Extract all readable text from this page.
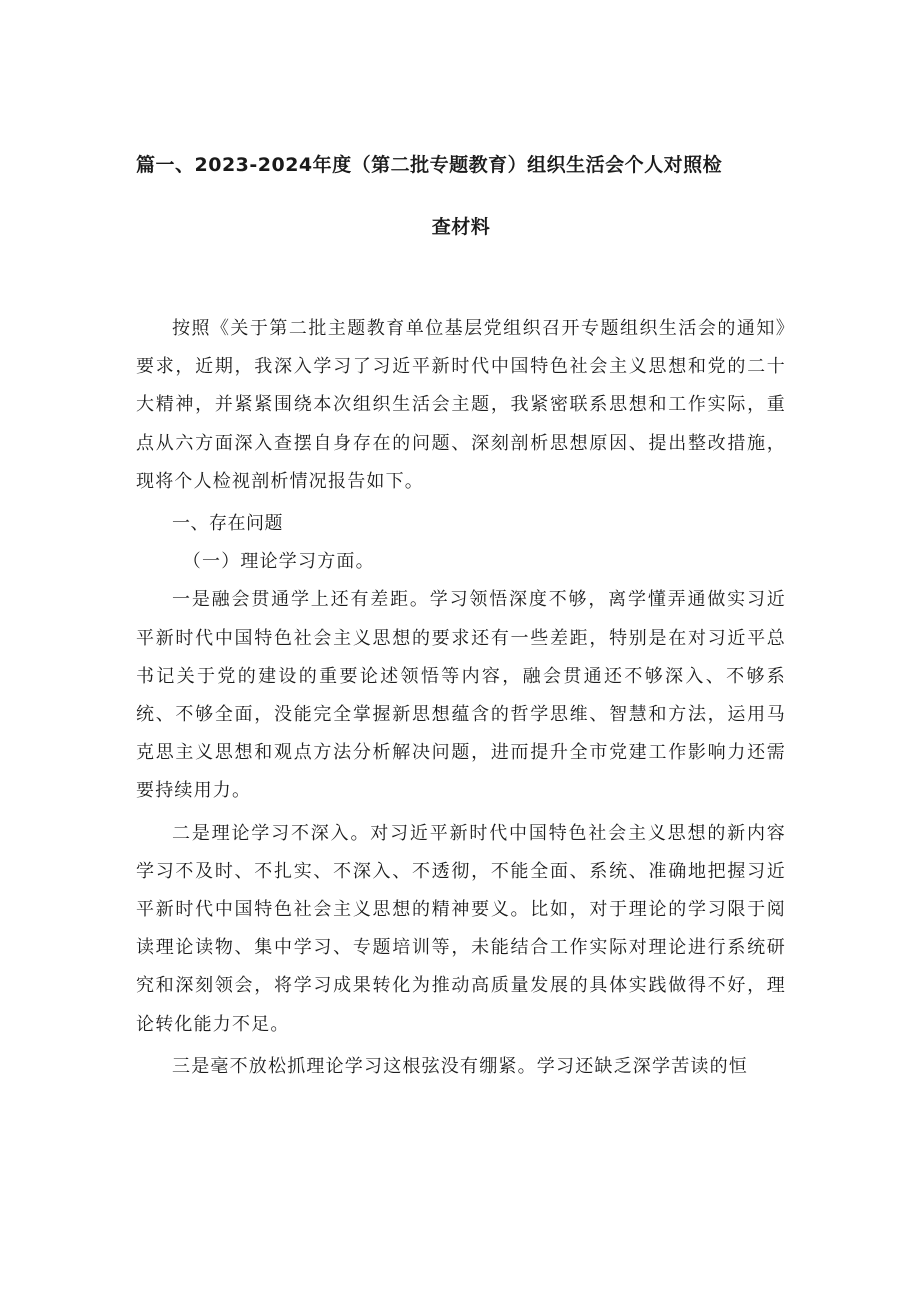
篇一、2023-2024年度（第二批专题教育）组织生活会个人对照检
查材料

按照《关于第二批主题教育单位基层党组织召开专题组织生活会的通知》要求，近期，我深入学习了习近平新时代中国特色社会主义思想和党的二十大精神，并紧紧围绕本次组织生活会主题，我紧密联系思想和工作实际，重点从六方面深入查摆自身存在的问题、深刻剖析思想原因、提出整改措施，现将个人检视剖析情况报告如下。

一、存在问题

（一）理论学习方面。

一是融会贯通学上还有差距。学习领悟深度不够，离学懂弄通做实习近平新时代中国特色社会主义思想的要求还有一些差距，特别是在对习近平总书记关于党的建设的重要论述领悟等内容，融会贯通还不够深入、不够系统、不够全面，没能完全掌握新思想蕴含的哲学思维、智慧和方法，运用马克思主义思想和观点方法分析解决问题，进而提升全市党建工作影响力还需要持续用力。

二是理论学习不深入。对习近平新时代中国特色社会主义思想的新内容学习不及时、不扎实、不深入、不透彻，不能全面、系统、准确地把握习近平新时代中国特色社会主义思想的精神要义。比如，对于理论的学习限于阅读理论读物、集中学习、专题培训等，未能结合工作实际对理论进行系统研究和深刻领会，将学习成果转化为推动高质量发展的具体实践做得不好，理论转化能力不足。

三是毫不放松抓理论学习这根弦没有绷紧。学习还缺乏深学苦读的恒
